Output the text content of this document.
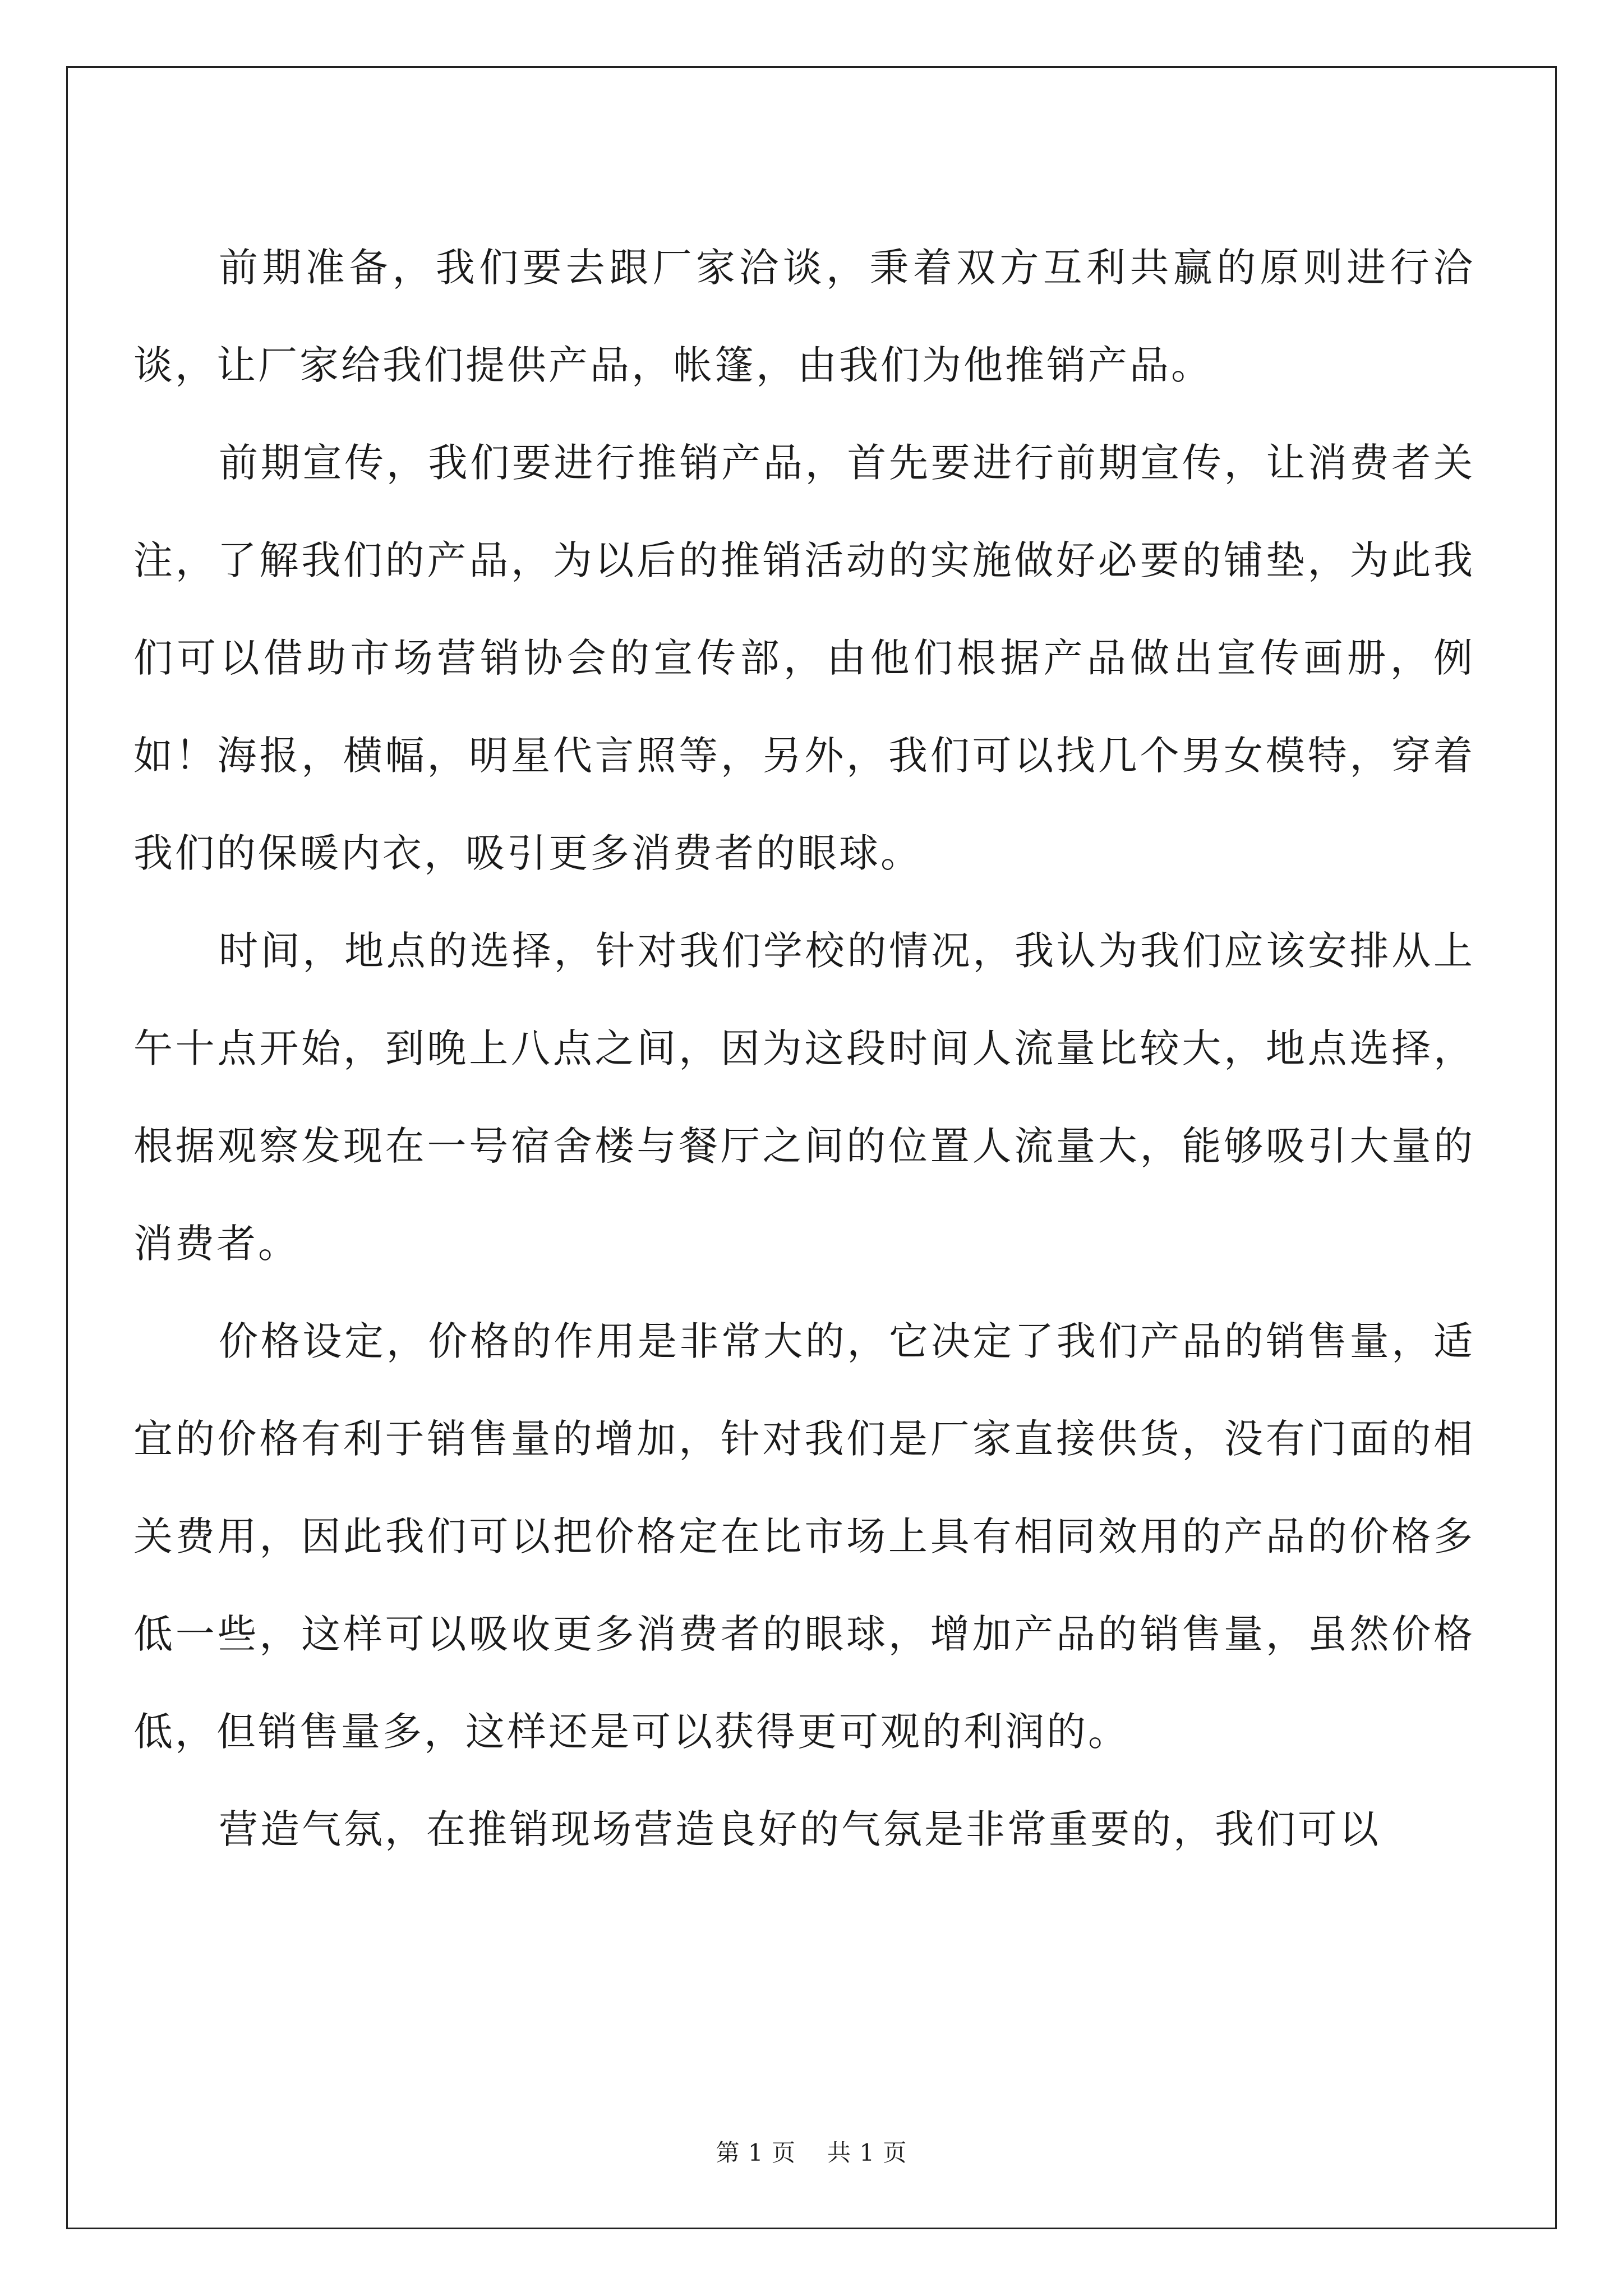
前期准备，我们要去跟厂家洽谈，秉着双方互利共赢的原则进行洽谈，让厂家给我们提供产品，帐篷，由我们为他推销产品。

前期宣传，我们要进行推销产品，首先要进行前期宣传，让消费者关注，了解我们的产品，为以后的推销活动的实施做好必要的铺垫，为此我们可以借助市场营销协会的宣传部，由他们根据产品做出宣传画册，例如！海报，横幅，明星代言照等，另外，我们可以找几个男女模特，穿着我们的保暖内衣，吸引更多消费者的眼球。

时间，地点的选择，针对我们学校的情况，我认为我们应该安排从上午十点开始，到晚上八点之间，因为这段时间人流量比较大，地点选择，根据观察发现在一号宿舍楼与餐厅之间的位置人流量大，能够吸引大量的消费者。

价格设定，价格的作用是非常大的，它决定了我们产品的销售量，适宜的价格有利于销售量的增加，针对我们是厂家直接供货，没有门面的相关费用，因此我们可以把价格定在比市场上具有相同效用的产品的价格多低一些，这样可以吸收更多消费者的眼球，增加产品的销售量，虽然价格低，但销售量多，这样还是可以获得更可观的利润的。

营造气氛，在推销现场营造良好的气氛是非常重要的，我们可以

第 1 页 共 1 页
